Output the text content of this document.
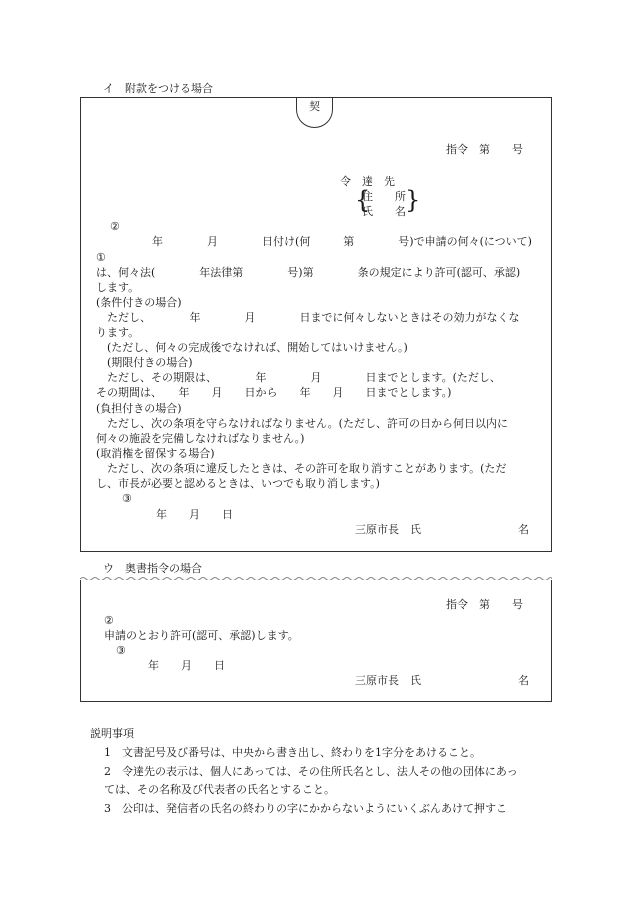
イ　附款をつける場合
契
指令　第　　号
令　達　先
{
住　　所
氏　　名 }
②
年　　　　月　　　　日付け(何　　　第　　　　号)で申請の何々(について)
①
は、何々法(　　　　年法律第　　　　号)第　　　　条の規定により許可(認可、承認)
します。
(条件付きの場合)
　ただし、　　　　年　　　　月　　　　日までに何々しないときはその効力がなくな
ります。
　(ただし、何々の完成後でなければ、開始してはいけません。)
　(期限付きの場合)
　ただし、その期限は、　　　　年　　　　月　　　　日までとします。(ただし、
その期間は、　　年　　月　　日から　　年　　月　　日までとします。)
(負担付きの場合)
　ただし、次の条項を守らなければなりません。(ただし、許可の日から何日以内に
何々の施設を完備しなければなりません。)
(取消権を留保する場合)
　ただし、次の条項に違反したときは、その許可を取り消すことがあります。(ただ
し、市長が必要と認めるときは、いつでも取り消します。)
③
年　　月　　日
三原市長　氏	名
ウ　奥書指令の場合
指令　第　　号
②
申請のとおり許可(認可、承認)します。
③
年　　月　　日
三原市長　氏	名
説明事項
1　文書記号及び番号は、中央から書き出し、終わりを1字分をあけること。
2　令達先の表示は、個人にあっては、その住所氏名とし、法人その他の団体にあっ
ては、その名称及び代表者の氏名とすること。
3　公印は、発信者の氏名の終わりの字にかからないようにいくぶんあけて押すこ
